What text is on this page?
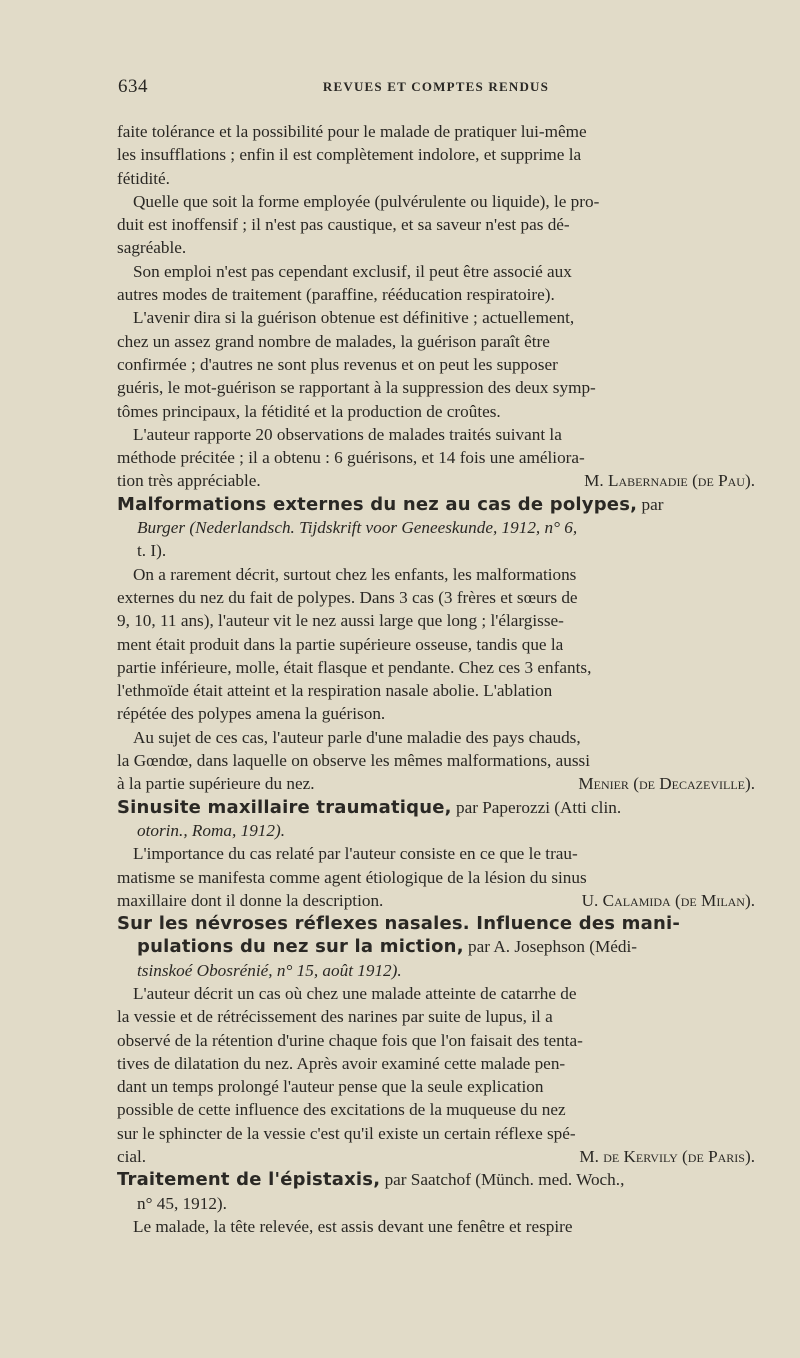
634	REVUES ET COMPTES RENDUS

faite tolérance et la possibilité pour le malade de pratiquer lui-même
les insufflations ; enfin il est complètement indolore, et supprime la
fétidité.

Quelle que soit la forme employée (pulvérulente ou liquide), le pro-
duit est inoffensif ; il n'est pas caustique, et sa saveur n'est pas dé-
sagréable.

Son emploi n'est pas cependant exclusif, il peut être associé aux
autres modes de traitement (paraffine, rééducation respiratoire).

L'avenir dira si la guérison obtenue est définitive ; actuellement,
chez un assez grand nombre de malades, la guérison paraît être
confirmée ; d'autres ne sont plus revenus et on peut les supposer
guéris, le mot-guérison se rapportant à la suppression des deux symp-
tômes principaux, la fétidité et la production de croûtes.

L'auteur rapporte 20 observations de malades traités suivant la
méthode précitée ; il a obtenu : 6 guérisons, et 14 fois une améliora-
tion très appréciable.	M. Labernadie (de Pau).

Malformations externes du nez au cas de polypes, par
Burger (Nederlandsch. Tijdskrift voor Geneeskunde, 1912, n° 6,
t. I).

On a rarement décrit, surtout chez les enfants, les malformations
externes du nez du fait de polypes. Dans 3 cas (3 frères et sœurs de
9, 10, 11 ans), l'auteur vit le nez aussi large que long ; l'élargisse-
ment était produit dans la partie supérieure osseuse, tandis que la
partie inférieure, molle, était flasque et pendante. Chez ces 3 enfants,
l'ethmoïde était atteint et la respiration nasale abolie. L'ablation
répétée des polypes amena la guérison.

Au sujet de ces cas, l'auteur parle d'une maladie des pays chauds,
la Gœndœ, dans laquelle on observe les mêmes malformations, aussi
à la partie supérieure du nez.	Menier (de Decazeville).

Sinusite maxillaire traumatique, par Paperozzi (Atti clin.
otorin., Roma, 1912).

L'importance du cas relaté par l'auteur consiste en ce que le trau-
matisme se manifesta comme agent étiologique de la lésion du sinus
maxillaire dont il donne la description.	U. Calamida (de Milan).

Sur les névroses réflexes nasales. Influence des mani-
pulations du nez sur la miction, par A. Josephson (Médi-
tsinskoé Obosrénié, n° 15, août 1912).

L'auteur décrit un cas où chez une malade atteinte de catarrhe de
la vessie et de rétrécissement des narines par suite de lupus, il a
observé de la rétention d'urine chaque fois que l'on faisait des tenta-
tives de dilatation du nez. Après avoir examiné cette malade pen-
dant un temps prolongé l'auteur pense que la seule explication
possible de cette influence des excitations de la muqueuse du nez
sur le sphincter de la vessie c'est qu'il existe un certain réflexe spé-
cial.	M. de Kervily (de Paris).

Traitement de l'épistaxis, par Saatchof (Münch. med. Woch.,
n° 45, 1912).

Le malade, la tête relevée, est assis devant une fenêtre et respire
